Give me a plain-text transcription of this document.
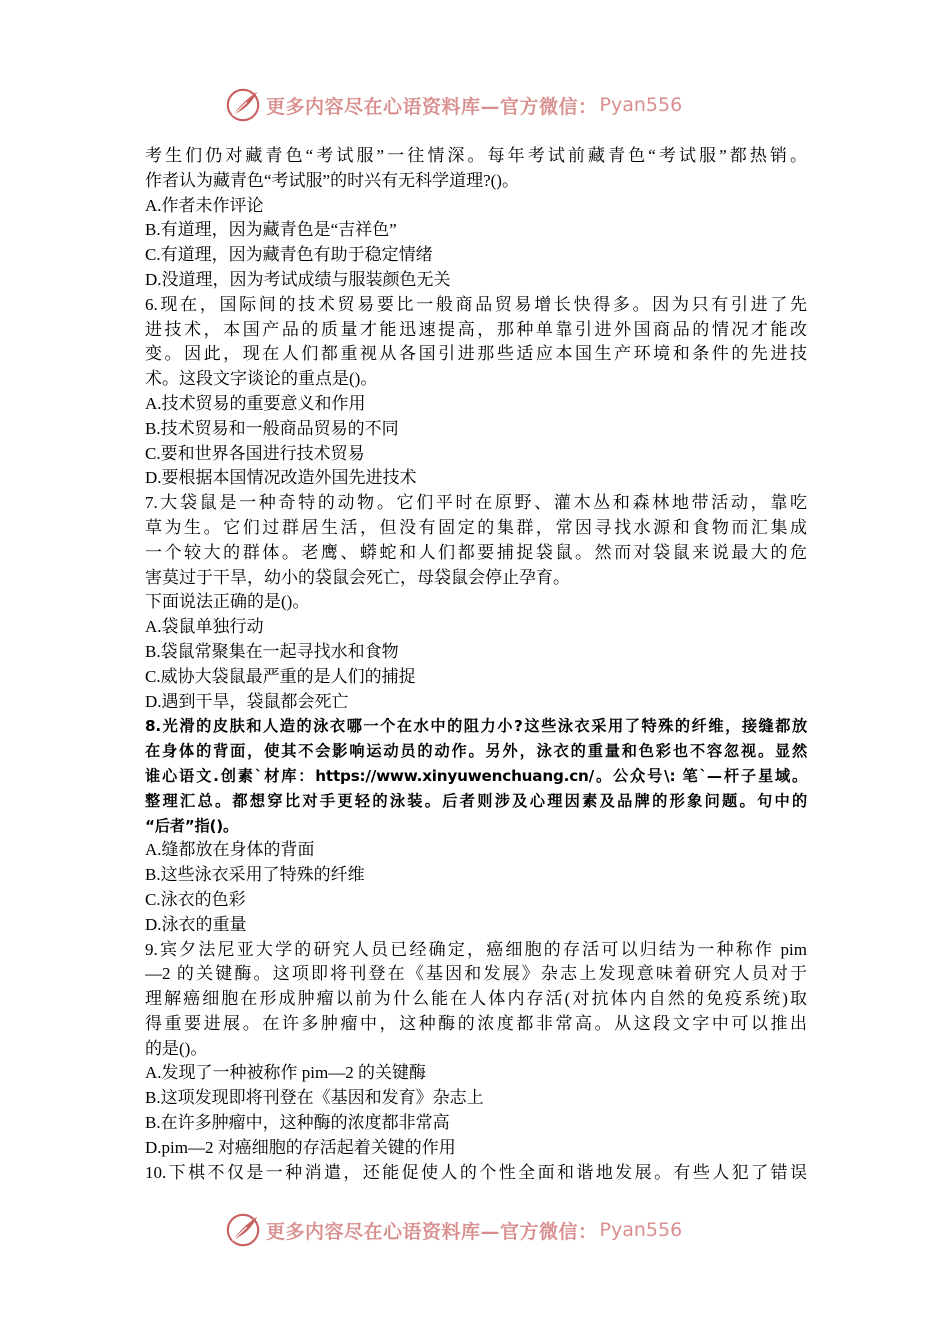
更多内容尽在心语资料库—官方微信： Pyan556
考生们仍对藏青色“考试服”一往情深。每年考试前藏青色“考试服”都热销。
作者认为藏青色“考试服”的时兴有无科学道理?()。
A.作者未作评论
B.有道理，因为藏青色是“吉祥色”
C.有道理，因为藏青色有助于稳定情绪
D.没道理，因为考试成绩与服装颜色无关
6.现在，国际间的技术贸易要比一般商品贸易增长快得多。因为只有引进了先
进技术，本国产品的质量才能迅速提高，那种单靠引进外国商品的情况才能改
变。因此，现在人们都重视从各国引进那些适应本国生产环境和条件的先进技
术。这段文字谈论的重点是()。
A.技术贸易的重要意义和作用
B.技术贸易和一般商品贸易的不同
C.要和世界各国进行技术贸易
D.要根据本国情况改造外国先进技术
7.大袋鼠是一种奇特的动物。它们平时在原野、灌木丛和森林地带活动，靠吃
草为生。它们过群居生活，但没有固定的集群，常因寻找水源和食物而汇集成
一个较大的群体。老鹰、蟒蛇和人们都要捕捉袋鼠。然而对袋鼠来说最大的危
害莫过于干旱，幼小的袋鼠会死亡，母袋鼠会停止孕育。
下面说法正确的是()。
A.袋鼠单独行动
B.袋鼠常聚集在一起寻找水和食物
C.威协大袋鼠最严重的是人们的捕捉
D.遇到干旱，袋鼠都会死亡
8.光滑的皮肤和人造的泳衣哪一个在水中的阻力小?这些泳衣采用了特殊的纤维，接缝都放
在身体的背面，使其不会影响运动员的动作。另外，泳衣的重量和色彩也不容忽视。显然
谁心语文.创素`材库：https://www.xinyuwenchuang.cn/。公众号\: 笔`—杆子星域。
整理汇总。都想穿比对手更轻的泳装。后者则涉及心理因素及品牌的形象问题。句中的
“后者”指()。
A.缝都放在身体的背面
B.这些泳衣采用了特殊的纤维
C.泳衣的色彩
D.泳衣的重量
9.宾夕法尼亚大学的研究人员已经确定，癌细胞的存活可以归结为一种称作 pim
—2 的关键酶。这项即将刊登在《基因和发展》杂志上发现意味着研究人员对于
理解癌细胞在形成肿瘤以前为什么能在人体内存活(对抗体内自然的免疫系统)取
得重要进展。在许多肿瘤中，这种酶的浓度都非常高。从这段文字中可以推出
的是()。
A.发现了一种被称作 pim—2 的关键酶
B.这项发现即将刊登在《基因和发育》杂志上
B.在许多肿瘤中，这种酶的浓度都非常高
D.pim—2 对癌细胞的存活起着关键的作用
10.下棋不仅是一种消遣，还能促使人的个性全面和谐地发展。有些人犯了错误
更多内容尽在心语资料库—官方微信： Pyan556
